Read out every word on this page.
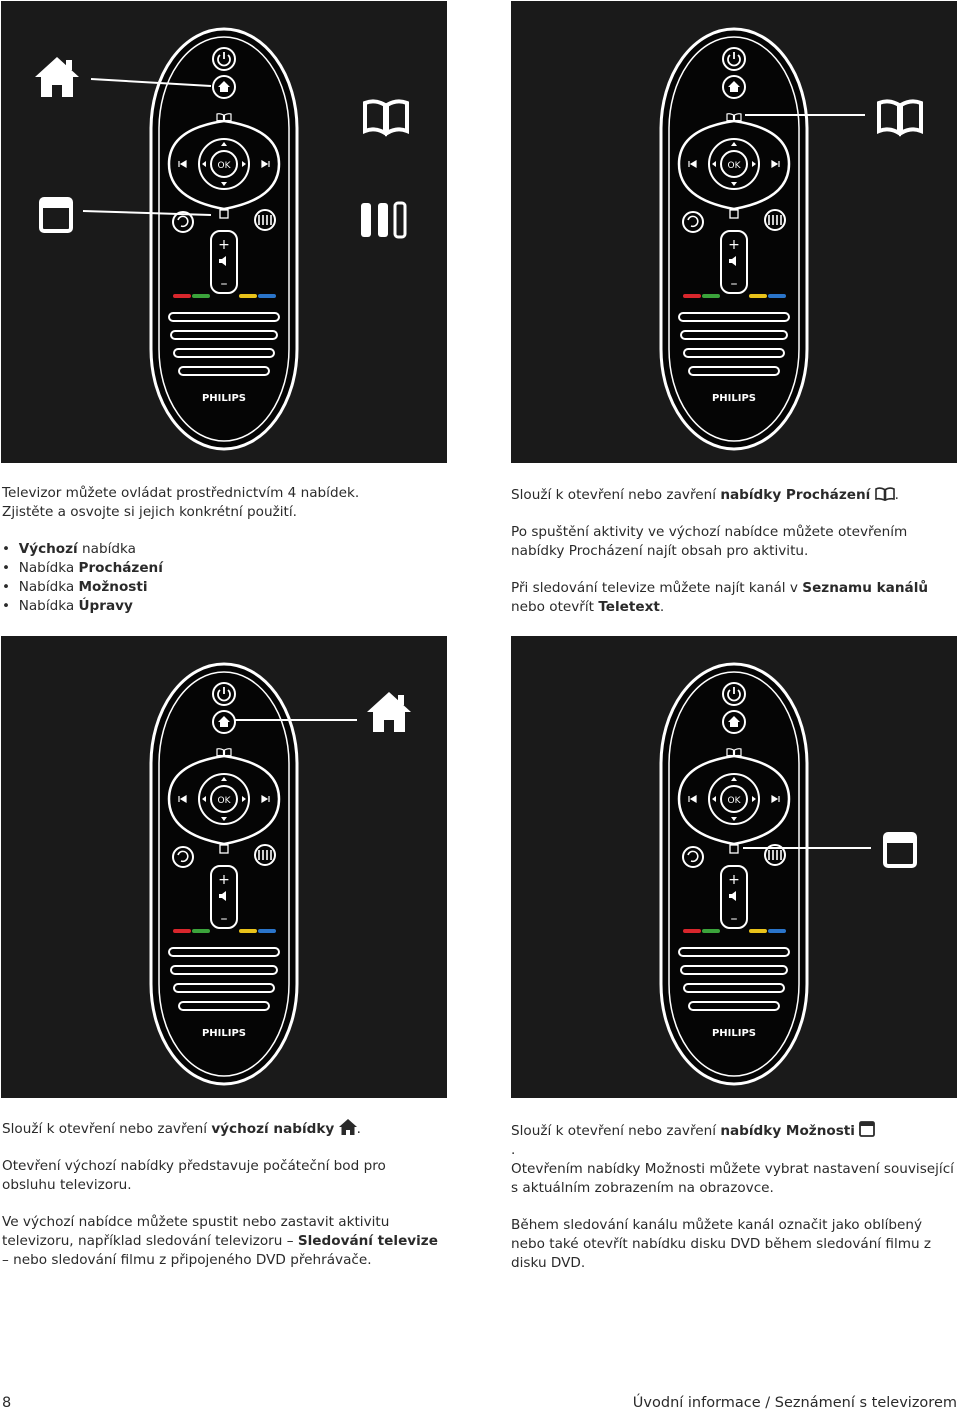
OK
+
–
PHILIPS
OK
+
–
PHILIPS
OK
+
–
PHILIPS
OK
+
–
PHILIPS
Televizor můžete ovládat prostřednictvím 4 nabídek.
Zjistěte a osvojte si jejich konkrétní použití.
• Výchozí nabídka
• Nabídka Procházení
• Nabídka Možnosti
• Nabídka Úpravy

Slouží k otevření nebo zavření nabídky Procházení .

Po spuštění aktivity ve výchozí nabídce můžete otevřením nabídky Procházení najít obsah pro aktivitu.

Při sledování televize můžete najít kanál v Seznamu kanálů nebo otevřít Teletext.

Slouží k otevření nebo zavření výchozí nabídky .

Otevření výchozí nabídky představuje počáteční bod pro obsluhu televizoru.

Ve výchozí nabídce můžete spustit nebo zastavit aktivitu televizoru, například sledování televizoru – Sledování televize – nebo sledování filmu z připojeného DVD přehrávače.

Slouží k otevření nebo zavření nabídky Možnosti
.

Otevřením nabídky Možnosti můžete vybrat nastavení související s aktuálním zobrazením na obrazovce.

Během sledování kanálu můžete kanál označit jako oblíbený nebo také otevřít nabídku disku DVD během sledování filmu z disku DVD.

8	Úvodní informace / Seznámení s televizorem
